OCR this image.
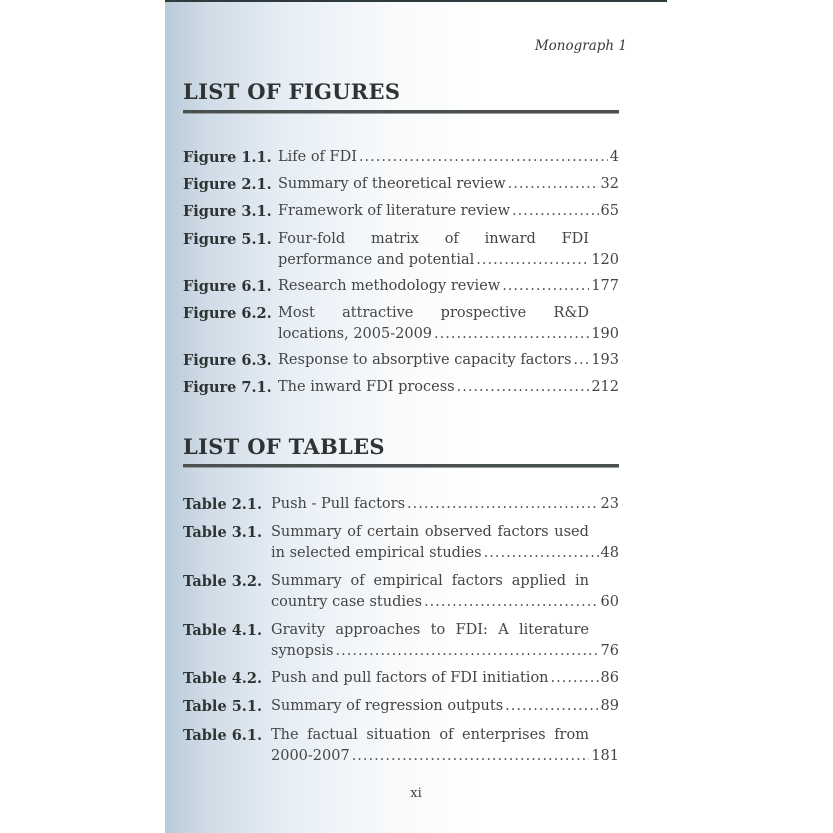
Monograph 1
LIST OF FIGURES
Figure 1.1. Life of FDI .....	4
Figure 2.1. Summary of theoretical review .....	32
Figure 3.1. Framework of literature review .....	65
Figure 5.1. Four-fold matrix of inward FDI
performance and potential .....	120
Figure 6.1. Research methodology review .....	177
Figure 6.2. Most attractive prospective R&D
locations, 2005-2009 .....	190
Figure 6.3. Response to absorptive capacity factors ..... 193
Figure 7.1. The inward FDI process .....	212
LIST OF TABLES
Table 2.1. Push - Pull factors .....	23
Table 3.1. Summary of certain observed factors used
in selected empirical studies .....	48
Table 3.2. Summary of empirical factors applied in
country case studies .....	60
Table 4.1. Gravity approaches to FDI: A literature
synopsis .....	76
Table 4.2. Push and pull factors of FDI initiation .....	86
Table 5.1. Summary of regression outputs .....	89
Table 6.1. The factual situation of enterprises from
2000-2007 .....	181
xi
